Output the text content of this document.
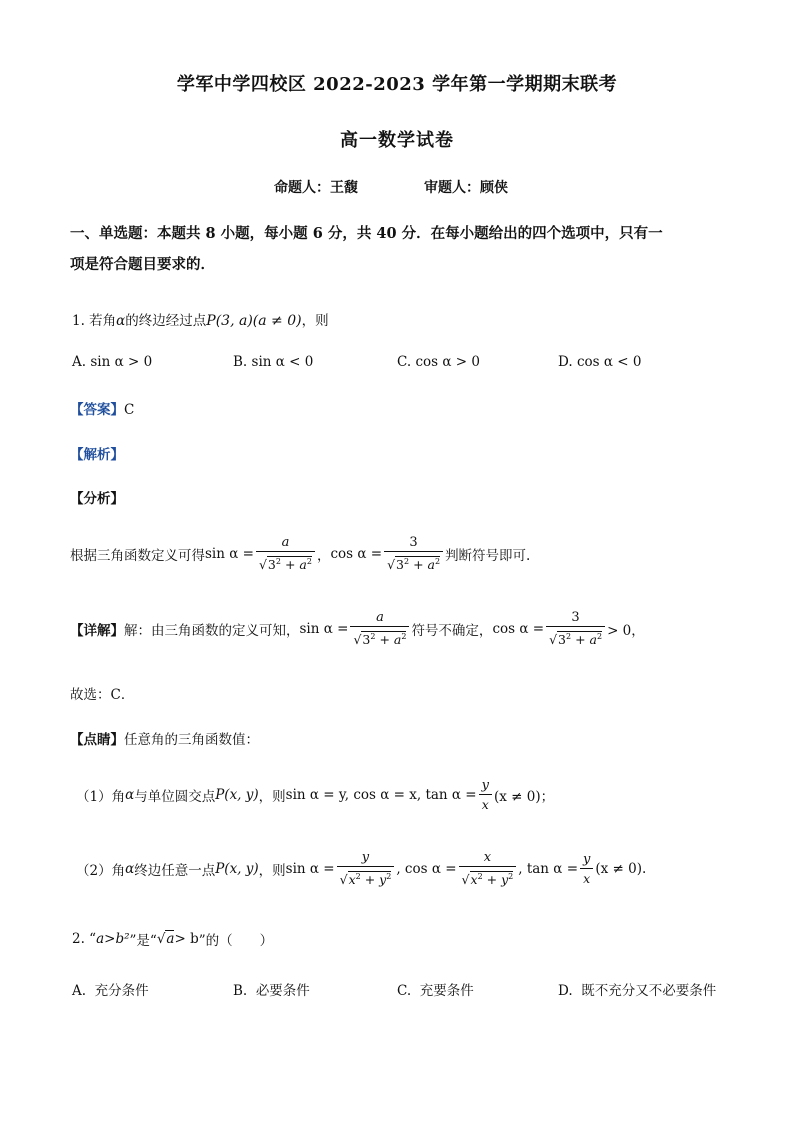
学军中学四校区 2022-2023 学年第一学期期末联考
高一数学试卷
命题人：王馥	审题人：顾侠
一、单选题：本题共 8 小题，每小题 6 分，共 40 分．在每小题给出的四个选项中，只有一
项是符合题目要求的．
1. 若角α的终边经过点P(3, a)(a ≠ 0)，则
A. sin α > 0	B. sin α < 0	C. cos α > 0	D. cos α < 0
【答案】C
【解析】
【分析】
根据三角函数定义可得 $\sin \alpha = \frac{a}{√3^2 + a^2}$ ， $\cos \alpha = \frac{3}{√3^2 + a^2}$ 判断符号即可.
【详解】 解：由三角函数的定义可知， $\sin \alpha = \frac{a}{√3^2 + a^2}$ 符号不确定， $\cos \alpha = \frac{3}{√3^2 + a^2} > 0$，
故选：C．
【点睛】任意角的三角函数值：
（1）角 α 与单位圆交点 P(x, y) ，则 sin α = y, cos α = x, $\tan \alpha = \frac{y}{x} (x \ne 0)$；
（2）角 α 终边任意一点 P(x, y) ，则 $\sin \alpha = \frac{y}{√x^2 + y^2}$ , $\cos \alpha = \frac{x}{√x^2 + y^2}$ , $\tan \alpha = \frac{y}{x} (x \ne 0)$.
2. “ a>b² ”是“ √a > b ”的（　　）
A. 充分条件	B. 必要条件	C. 充要条件	D. 既不充分又不必要条件
